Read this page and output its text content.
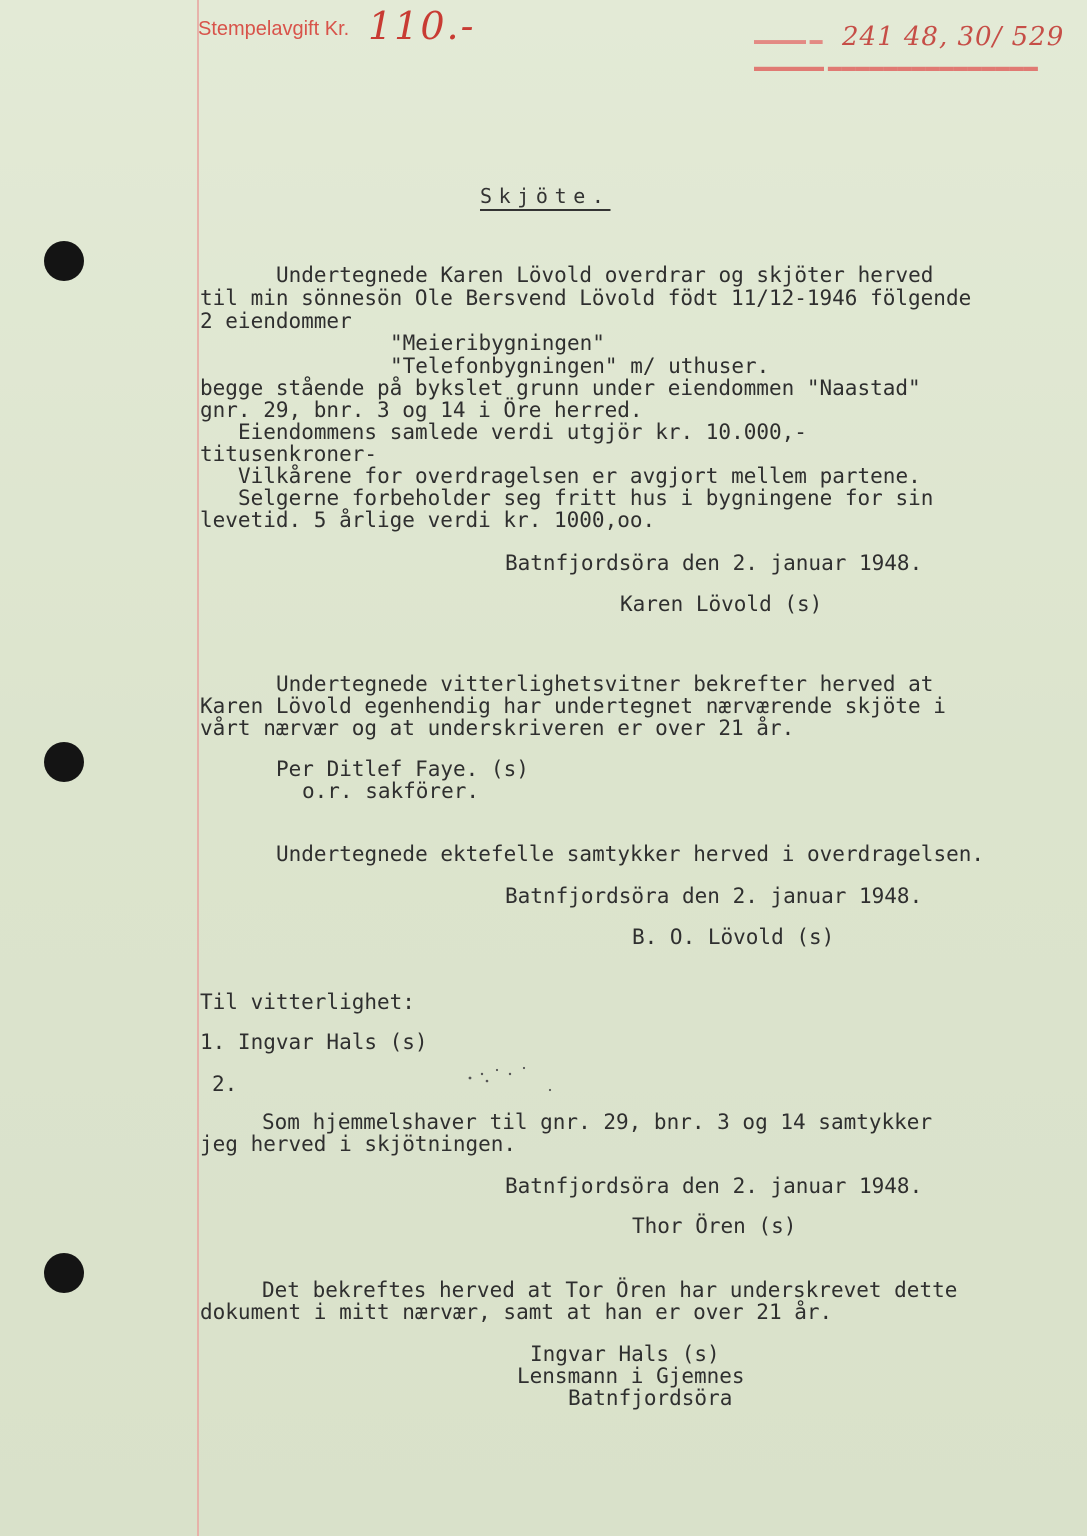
Stempelavgift Kr. 110.-	▬▬▬▬ ▬ 241 48, 30/ 529
▬▬▬▬▬ ▬▬▬▬▬▬▬▬▬▬▬▬▬▬▬
Skjöte.
Undertegnede Karen Lövold overdrar og skjöter herved
til min sönnesön Ole Bersvend Lövold födt 11/12-1946 fölgende
2 eiendommer
"Meieribygningen"
"Telefonbygningen" m/ uthuser.
begge stående på bykslet grunn under eiendommen "Naastad"
gnr. 29, bnr. 3 og 14 i Öre herred.
Eiendommens samlede verdi utgjör kr. 10.000,-
titusenkroner-
Vilkårene for overdragelsen er avgjort mellem partene.
Selgerne forbeholder seg fritt hus i bygningene for sin
levetid. 5 årlige verdi kr. 1000,oo.
Batnfjordsöra den 2. januar 1948.
Karen Lövold (s)
Undertegnede vitterlighetsvitner bekrefter herved at
Karen Lövold egenhendig har undertegnet nærværende skjöte i
vårt nærvær og at underskriveren er over 21 år.
Per Ditlef Faye. (s)
o.r. sakförer.
Undertegnede ektefelle samtykker herved i overdragelsen.
Batnfjordsöra den 2. januar 1948.
B. O. Lövold (s)
Til vitterlighet:
1. Ingvar Hals (s)
2.
Som hjemmelshaver til gnr. 29, bnr. 3 og 14 samtykker
jeg herved i skjötningen.
Batnfjordsöra den 2. januar 1948.
Thor Ören (s)
Det bekreftes herved at Tor Ören har underskrevet dette
dokument i mitt nærvær, samt at han er over 21 år.
Ingvar Hals (s)
Lensmann i Gjemnes
Batnfjordsöra
